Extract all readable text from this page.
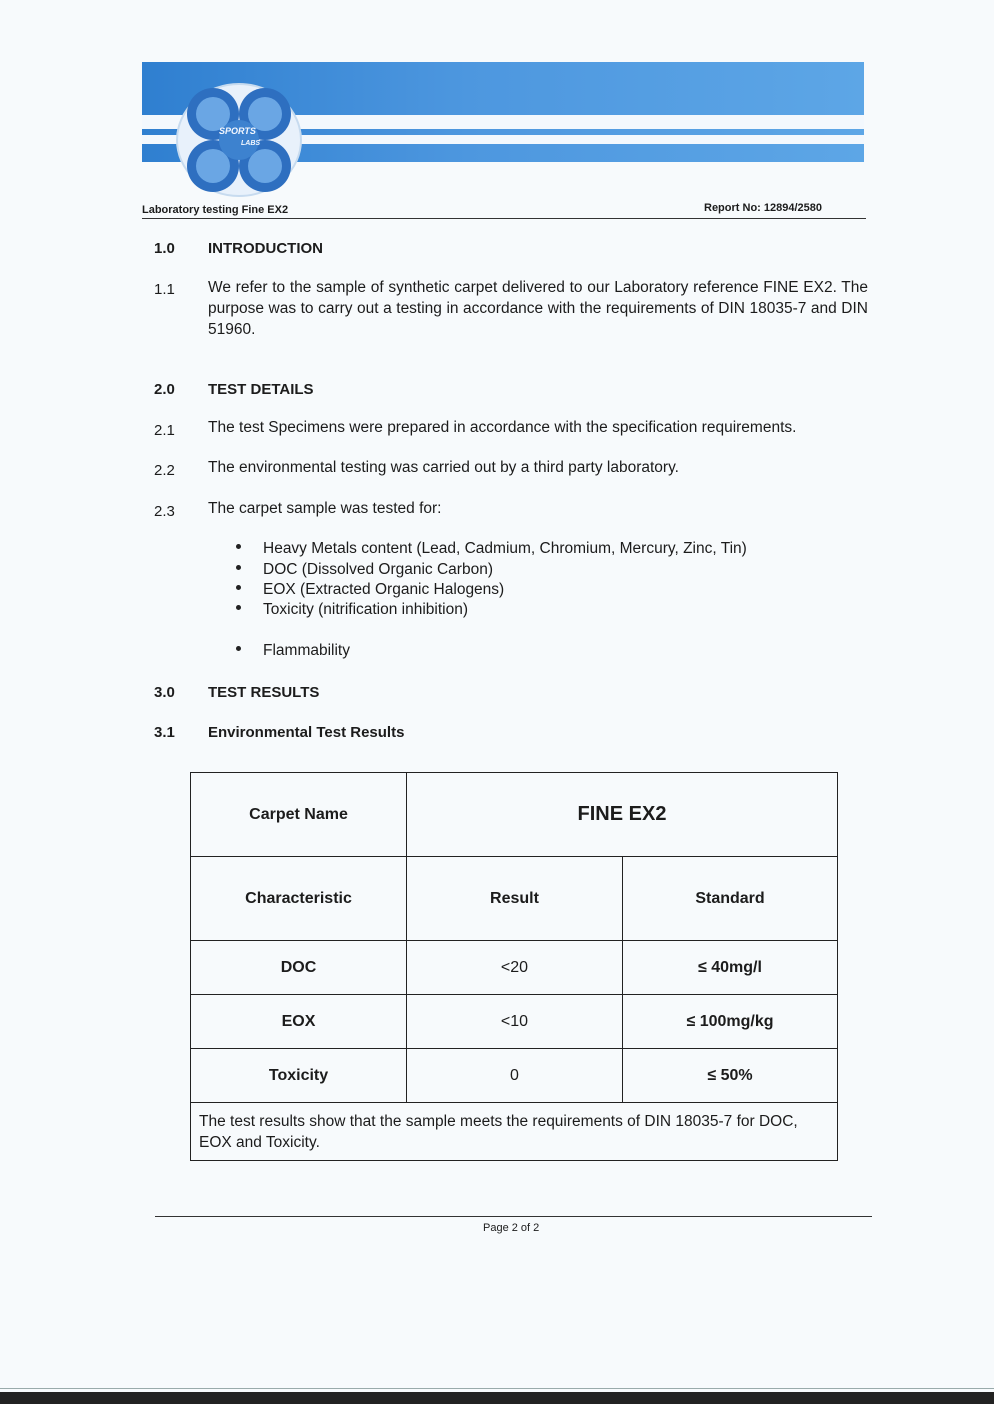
SPORTS
LABS
Laboratory testing Fine EX2	Report No: 12894/2580
1.0 INTRODUCTION
1.1 We refer to the sample of synthetic carpet delivered to our Laboratory reference FINE EX2. The purpose was to carry out a testing in accordance with the requirements of DIN 18035-7 and DIN 51960.
2.0 TEST DETAILS
2.1 The test Specimens were prepared in accordance with the specification requirements.
2.2 The environmental testing was carried out by a third party laboratory.
2.3 The carpet sample was tested for:
Heavy Metals content (Lead, Cadmium, Chromium, Mercury, Zinc, Tin)
DOC (Dissolved Organic Carbon)
EOX (Extracted Organic Halogens)
Toxicity (nitrification inhibition)
Flammability
3.0 TEST RESULTS
3.1 Environmental Test Results
Carpet Name	FINE EX2	
Characteristic	Result	Standard
DOC	<20	≤ 40mg/l
EOX	<10	≤ 100mg/kg
Toxicity	0	≤ 50%
The test results show that the sample meets the requirements of DIN 18035-7 for DOC, EOX and Toxicity.		
Page 2 of 2
